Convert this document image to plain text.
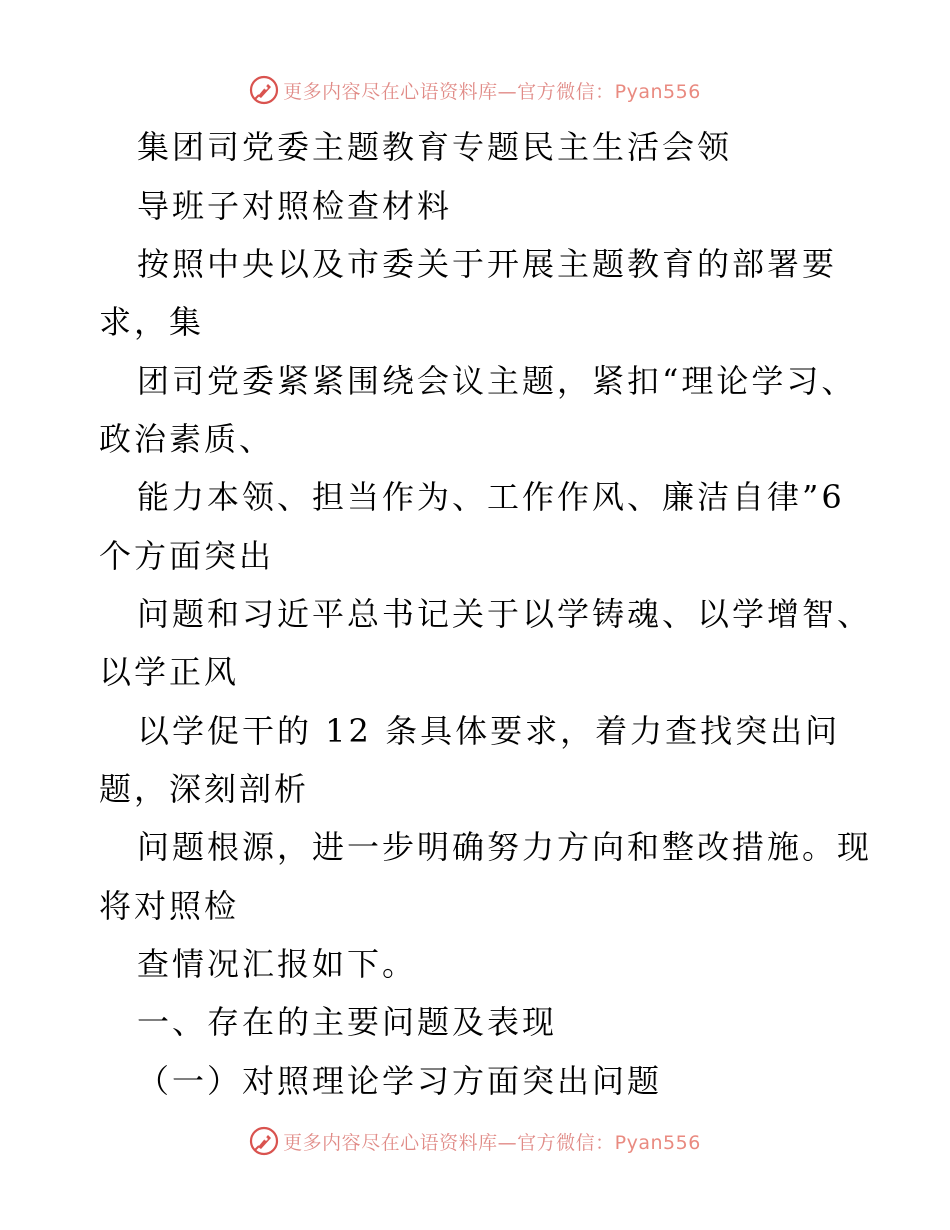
更多内容尽在心语资料库—官方微信：Pyan556
集团司党委主题教育专题民主生活会领
导班子对照检查材料
按照中央以及市委关于开展主题教育的部署要
求，集
团司党委紧紧围绕会议主题，紧扣“理论学习、
政治素质、
能力本领、担当作为、工作作风、廉洁自律”6
个方面突出
问题和习近平总书记关于以学铸魂、以学增智、
以学正风
以学促干的 12 条具体要求，着力查找突出问
题，深刻剖析
问题根源，进一步明确努力方向和整改措施。现
将对照检
查情况汇报如下。
一、存在的主要问题及表现
（一）对照理论学习方面突出问题
更多内容尽在心语资料库—官方微信：Pyan556
